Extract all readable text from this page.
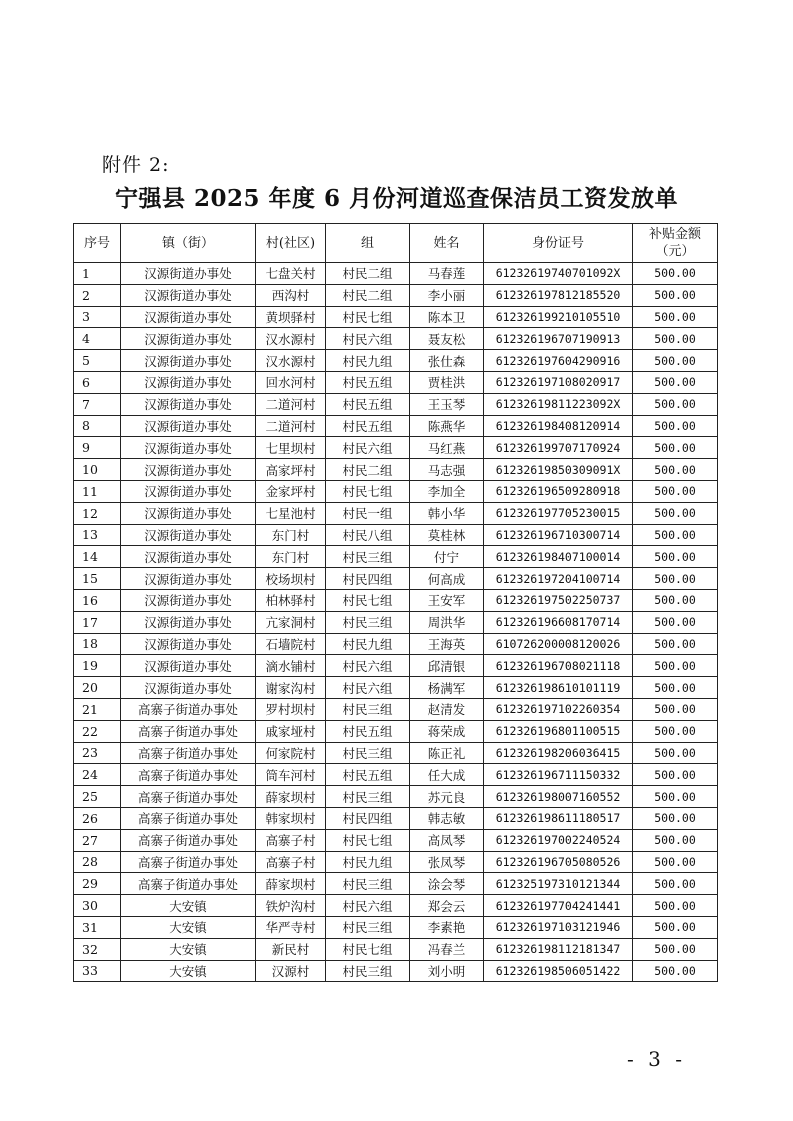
附件 2:
宁强县 2025 年度 6 月份河道巡查保洁员工资发放单
序号	镇（街）	村(社区)	组	姓名	身份证号	补贴金额
（元）

1	汉源街道办事处	七盘关村	村民二组	马春莲	61232619740701092X	500.00
2	汉源街道办事处	西沟村	村民二组	李小丽	612326197812185520	500.00
3	汉源街道办事处	黄坝驿村	村民七组	陈本卫	612326199210105510	500.00
4	汉源街道办事处	汉水源村	村民六组	聂友松	612326196707190913	500.00
5	汉源街道办事处	汉水源村	村民九组	张仕森	612326197604290916	500.00
6	汉源街道办事处	回水河村	村民五组	贾桂洪	612326197108020917	500.00
7	汉源街道办事处	二道河村	村民五组	王玉琴	61232619811223092X	500.00
8	汉源街道办事处	二道河村	村民五组	陈燕华	612326198408120914	500.00
9	汉源街道办事处	七里坝村	村民六组	马红燕	612326199707170924	500.00
10	汉源街道办事处	高家坪村	村民二组	马志强	61232619850309091X	500.00
11	汉源街道办事处	金家坪村	村民七组	李加全	612326196509280918	500.00
12	汉源街道办事处	七星池村	村民一组	韩小华	612326197705230015	500.00
13	汉源街道办事处	东门村	村民八组	莫桂林	612326196710300714	500.00
14	汉源街道办事处	东门村	村民三组	付宁	612326198407100014	500.00
15	汉源街道办事处	校场坝村	村民四组	何高成	612326197204100714	500.00
16	汉源街道办事处	柏林驿村	村民七组	王安军	612326197502250737	500.00
17	汉源街道办事处	亢家洞村	村民三组	周洪华	612326196608170714	500.00
18	汉源街道办事处	石墙院村	村民九组	王海英	610726200008120026	500.00
19	汉源街道办事处	滴水铺村	村民六组	邱清银	612326196708021118	500.00
20	汉源街道办事处	谢家沟村	村民六组	杨满军	612326198610101119	500.00
21	高寨子街道办事处	罗村坝村	村民三组	赵清发	612326197102260354	500.00
22	高寨子街道办事处	戚家垭村	村民五组	蒋荣成	612326196801100515	500.00
23	高寨子街道办事处	何家院村	村民三组	陈正礼	612326198206036415	500.00
24	高寨子街道办事处	筒车河村	村民五组	任大成	612326196711150332	500.00
25	高寨子街道办事处	薛家坝村	村民三组	苏元良	612326198007160552	500.00
26	高寨子街道办事处	韩家坝村	村民四组	韩志敏	612326198611180517	500.00
27	高寨子街道办事处	高寨子村	村民七组	高凤琴	612326197002240524	500.00
28	高寨子街道办事处	高寨子村	村民九组	张凤琴	612326196705080526	500.00
29	高寨子街道办事处	薛家坝村	村民三组	涂会琴	612325197310121344	500.00
30	大安镇	铁炉沟村	村民六组	郑会云	612326197704241441	500.00
31	大安镇	华严寺村	村民三组	李素艳	612326197103121946	500.00
32	大安镇	新民村	村民七组	冯春兰	612326198112181347	500.00
33	大安镇	汉源村	村民三组	刘小明	612326198506051422	500.00
- 3 -
